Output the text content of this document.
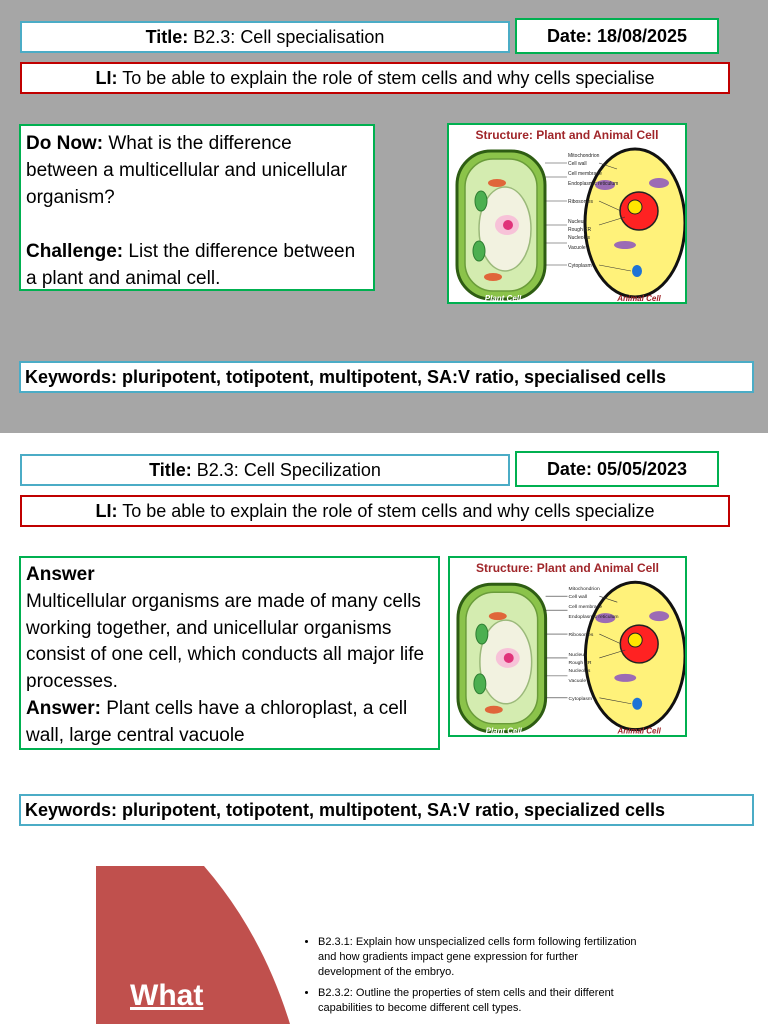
Title: B2.3: Cell specialisation	Date: 18/08/2025
LI: To be able to explain the role of stem cells and why cells specialise
Do Now: What is the difference between a multicellular and unicellular organism?
Challenge: List the difference between a plant and animal cell.
Structure: Plant and Animal Cell
Mitochondrion
Cell wall
Cell membrane
Endoplasmic reticulum
Ribosomes
Nucleus
Rough ER
Nucleolus
Vacuole
Cytoplasm
Plant Cell	Animal Cell
Keywords: pluripotent, totipotent, multipotent, SA:V ratio, specialised cells
Title: B2.3: Cell Specilization	Date: 05/05/2023
LI: To be able to explain the role of stem cells and why cells specialize
Answer
Multicellular organisms are made of many cells working together, and unicellular organisms consist of one cell, which conducts all major life processes.
Answer: Plant cells have a chloroplast, a cell wall, large central vacuole
Structure: Plant and Animal Cell
Mitochondrion
Cell wall
Cell membrane
Endoplasmic reticulum
Ribosomes
Nucleus
Rough ER
Nucleolus
Vacuole
Cytoplasm
Plant Cell	Animal Cell
Keywords: pluripotent, totipotent, multipotent, SA:V ratio, specialized cells
What
• B2.3.1: Explain how unspecialized cells form following fertilization and how gradients impact gene expression for further development of the embryo.
• B2.3.2: Outline the properties of stem cells and their different capabilities to become different cell types.
